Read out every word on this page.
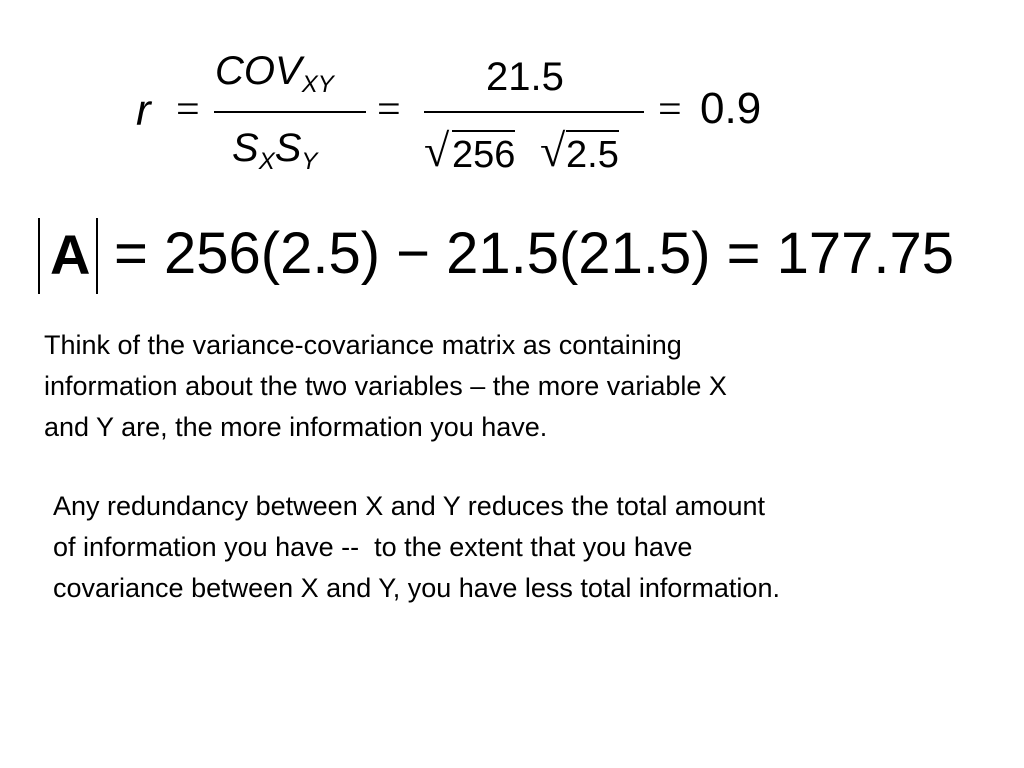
r =
$COV_{XY}$
$S_XS_Y$
=
21.5
√ 256 √ 2.5
= 0.9
A = 256(2.5) − 21.5(21.5) = 177.75
Think of the variance-covariance matrix as containing
information about the two variables – the more variable X
and Y are, the more information you have.
Any redundancy between X and Y reduces the total amount
of information you have --  to the extent that you have
covariance between X and Y, you have less total information.
